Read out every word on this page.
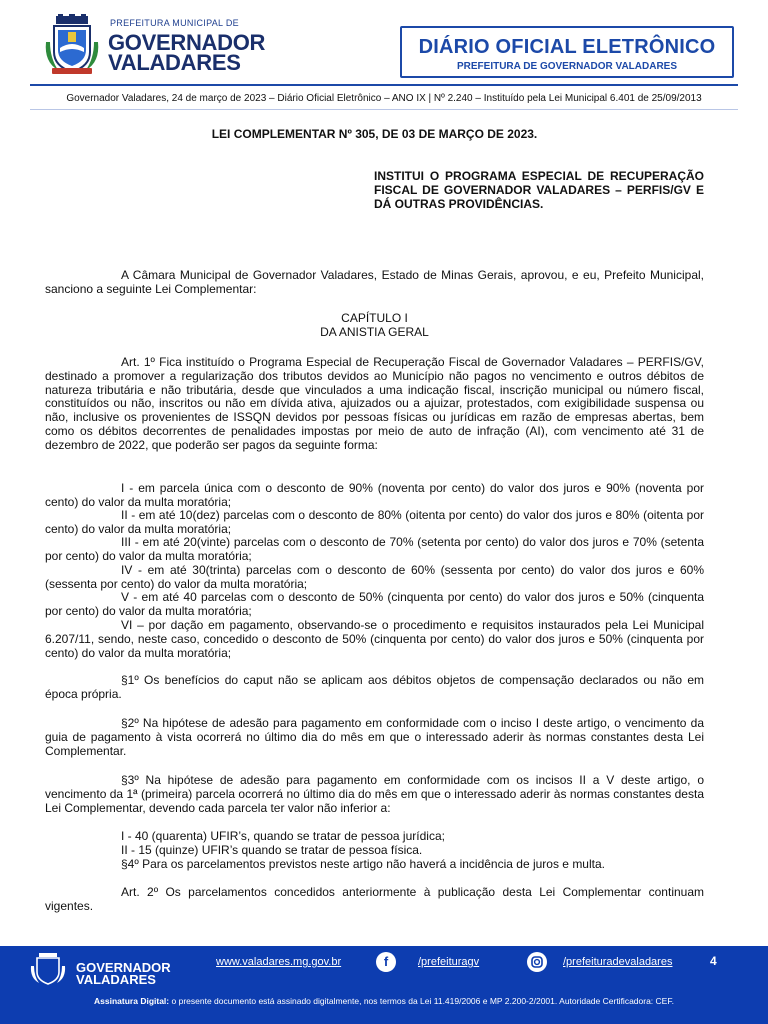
PREFEITURA MUNICIPAL DE
GOVERNADOR
VALADARES
DIÁRIO OFICIAL ELETRÔNICO
PREFEITURA DE GOVERNADOR VALADARES
Governador Valadares, 24 de março de 2023 – Diário Oficial Eletrônico – ANO IX | Nº 2.240 – Instituído pela Lei Municipal 6.401 de 25/09/2013
LEI COMPLEMENTAR Nº 305, DE 03 DE MARÇO DE 2023.
INSTITUI O PROGRAMA ESPECIAL DE RECUPERAÇÃO FISCAL DE GOVERNADOR VALADARES – PERFIS/GV E DÁ OUTRAS PROVIDÊNCIAS.
A Câmara Municipal de Governador Valadares, Estado de Minas Gerais, aprovou, e eu, Prefeito Municipal, sanciono a seguinte Lei Complementar:
CAPÍTULO I
DA ANISTIA GERAL
Art. 1º Fica instituído o Programa Especial de Recuperação Fiscal de Governador Valadares – PERFIS/GV, destinado a promover a regularização dos tributos devidos ao Município não pagos no vencimento e outros débitos de natureza tributária e não tributária, desde que vinculados a uma indicação fiscal, inscrição municipal ou número fiscal, constituídos ou não, inscritos ou não em dívida ativa, ajuizados ou a ajuizar, protestados, com exigibilidade suspensa ou não, inclusive os provenientes de ISSQN devidos por pessoas físicas ou jurídicas em razão de empresas abertas, bem como os débitos decorrentes de penalidades impostas por meio de auto de infração (AI), com vencimento até 31 de dezembro de 2022, que poderão ser pagos da seguinte forma:
I - em parcela única com o desconto de 90% (noventa por cento) do valor dos juros e 90% (noventa por cento) do valor da multa moratória;
II - em até 10(dez) parcelas com o desconto de 80% (oitenta por cento) do valor dos juros e 80% (oitenta por cento) do valor da multa moratória;
III - em até 20(vinte) parcelas com o desconto de 70% (setenta por cento) do valor dos juros e 70% (setenta por cento) do valor da multa moratória;
IV - em até 30(trinta) parcelas com o desconto de 60% (sessenta por cento) do valor dos juros e 60% (sessenta por cento) do valor da multa moratória;
V - em até 40 parcelas com o desconto de 50% (cinquenta por cento) do valor dos juros e 50% (cinquenta por cento) do valor da multa moratória;
VI – por dação em pagamento, observando-se o procedimento e requisitos instaurados pela Lei Municipal 6.207/11, sendo, neste caso, concedido o desconto de 50% (cinquenta por cento) do valor dos juros e 50% (cinquenta por cento) do valor da multa moratória;
§1º Os benefícios do caput não se aplicam aos débitos objetos de compensação declarados ou não em época própria.
§2º Na hipótese de adesão para pagamento em conformidade com o inciso I deste artigo, o vencimento da guia de pagamento à vista ocorrerá no último dia do mês em que o interessado aderir às normas constantes desta Lei Complementar.
§3º Na hipótese de adesão para pagamento em conformidade com os incisos II a V deste artigo, o vencimento da 1ª (primeira) parcela ocorrerá no último dia do mês em que o interessado aderir às normas constantes desta Lei Complementar, devendo cada parcela ter valor não inferior a:
I - 40 (quarenta) UFIR’s, quando se tratar de pessoa jurídica;
II - 15 (quinze) UFIR’s quando se tratar de pessoa física.
§4º Para os parcelamentos previstos neste artigo não haverá a incidência de juros e multa.
Art. 2º Os parcelamentos concedidos anteriormente à publicação desta Lei Complementar continuam vigentes.
GOVERNADOR
VALADARES
www.valadares.mg.gov.br	f	/prefeituragv	/prefeituradevaladares	4
Assinatura Digital: o presente documento está assinado digitalmente, nos termos da Lei 11.419/2006 e MP 2.200-2/2001. Autoridade Certificadora: CEF.
